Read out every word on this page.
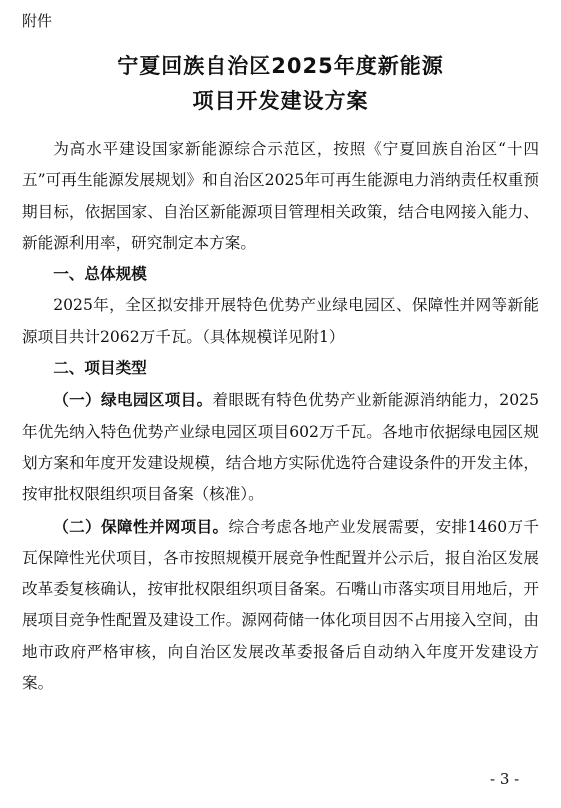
附件
宁夏回族自治区2025年度新能源
项目开发建设方案

为高水平建设国家新能源综合示范区，按照《宁夏回族自治区“十四五”可再生能源发展规划》和自治区2025年可再生能源电力消纳责任权重预期目标，依据国家、自治区新能源项目管理相关政策，结合电网接入能力、新能源利用率，研究制定本方案。

一、总体规模

2025年，全区拟安排开展特色优势产业绿电园区、保障性并网等新能源项目共计2062万千瓦。（具体规模详见附1）

二、项目类型

（一）绿电园区项目。着眼既有特色优势产业新能源消纳能力，2025年优先纳入特色优势产业绿电园区项目602万千瓦。各地市依据绿电园区规划方案和年度开发建设规模，结合地方实际优选符合建设条件的开发主体，按审批权限组织项目备案（核准）。

（二）保障性并网项目。综合考虑各地产业发展需要，安排1460万千瓦保障性光伏项目，各市按照规模开展竞争性配置并公示后，报自治区发展改革委复核确认，按审批权限组织项目备案。石嘴山市落实项目用地后，开展项目竞争性配置及建设工作。源网荷储一体化项目因不占用接入空间，由地市政府严格审核，向自治区发展改革委报备后自动纳入年度开发建设方案。

- 3 -
